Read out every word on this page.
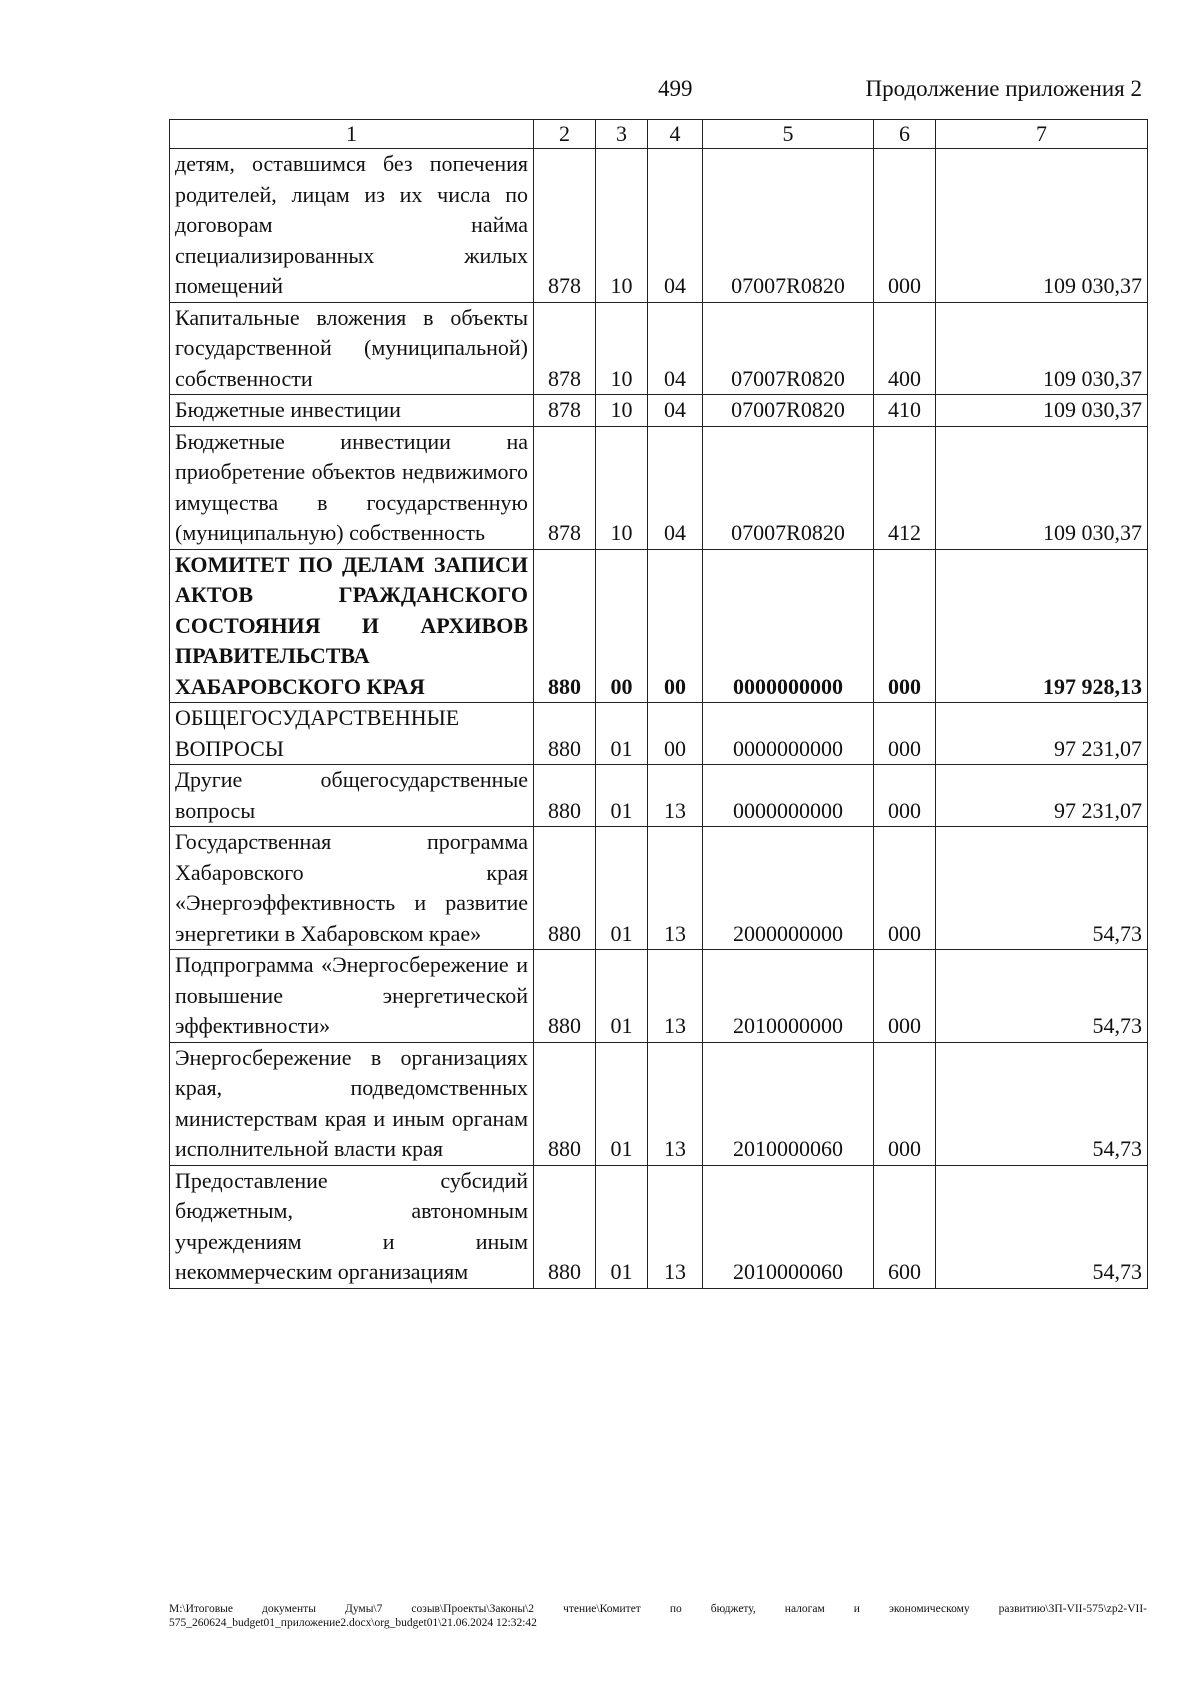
499	Продолжение приложения 2
1	2	3	4	5	6	7
детям, оставшимся без попечения родителей, лицам из их числа по договорам найма специализированных жилых помещений	878	10	04	07007R0820	000	109 030,37
Капитальные вложения в объекты государственной (муниципальной) собственности	878	10	04	07007R0820	400	109 030,37
Бюджетные инвестиции	878	10	04	07007R0820	410	109 030,37
Бюджетные инвестиции на приобретение объектов недвижимого имущества в государственную (муниципальную) собственность	878	10	04	07007R0820	412	109 030,37
КОМИТЕТ ПО ДЕЛАМ ЗАПИСИ АКТОВ ГРАЖДАНСКОГО СОСТОЯНИЯ И АРХИВОВ ПРАВИТЕЛЬСТВА ХАБАРОВСКОГО КРАЯ	880	00	00	0000000000	000	197 928,13
ОБЩЕГОСУДАРСТВЕННЫЕ ВОПРОСЫ	880	01	00	0000000000	000	97 231,07
Другие общегосударственные вопросы	880	01	13	0000000000	000	97 231,07
Государственная программа Хабаровского края «Энергоэффективность и развитие энергетики в Хабаровском крае»	880	01	13	2000000000	000	54,73
Подпрограмма «Энергосбережение и повышение энергетической эффективности»	880	01	13	2010000000	000	54,73
Энергосбережение в организациях края, подведомственных министерствам края и иным органам исполнительной власти края	880	01	13	2010000060	000	54,73
Предоставление субсидий бюджетным, автономным учреждениям и иным некоммерческим организациям	880	01	13	2010000060	600	54,73
M:\Итоговые документы Думы\7 созыв\Проекты\Законы\2 чтение\Комитет по бюджету, налогам и экономическому развитию\ЗП-VII-575\zp2-VII-575_260624_budget01_приложение2.docx\org_budget01\21.06.2024 12:32:42
